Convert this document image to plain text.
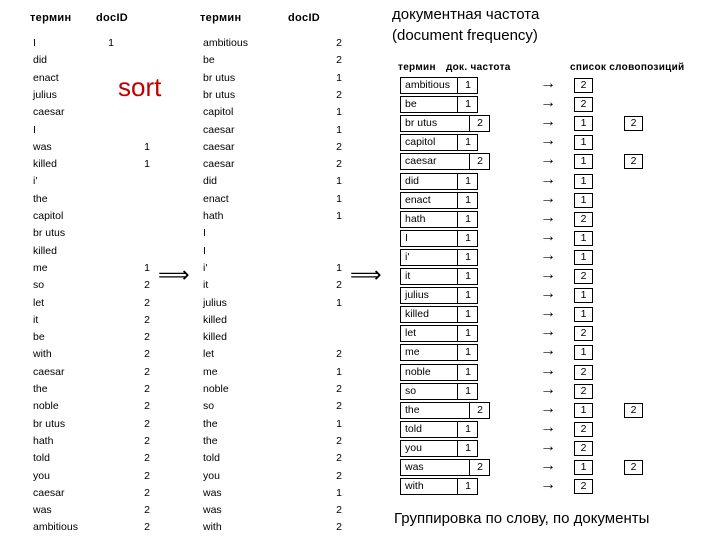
термин docID
I	1
did
enact
julius
caesar
I
was	1
killed	1
i'
the
capitol
br utus
killed
me	1
so	2
let	2
it	2
be	2
with	2
caesar	2
the	2
noble	2
br utus	2
hath	2
told	2
you	2
caesar	2
was	2
ambitious	2
sort
термин	docID
ambitious	2
be	2
br utus	1
br utus	2
capitol	1
caesar	1
caesar	2
caesar	2
did	1
enact	1
hath	1
I
I
i'	1
it	2
julius	1
killed
killed
let	2
me	1
noble	2
so	2
the	1
the	2
told	2
you	2
was	1
was	2
with	2
⟹	⟹
документная частота
(document frequency)
термин док. частота	список словопозиций
ambitious	1	→	2
be	1	→	2
br utus	2	→	1	2
capitol	1	→	1
caesar	2	→	1	2
did	1	→	1
enact	1	→	1
hath	1	→	2
I	1	→	1
i'	1	→	1
it	1	→	2
julius	1	→	1
killed	1	→	1
let	1	→	2
me	1	→	1
noble	1	→	2
so	1	→	2
the	2	→	1	2
told	1	→	2
you	1	→	2
was	2	→	1	2
with	1	→	2
Группировка по слову, по документы
